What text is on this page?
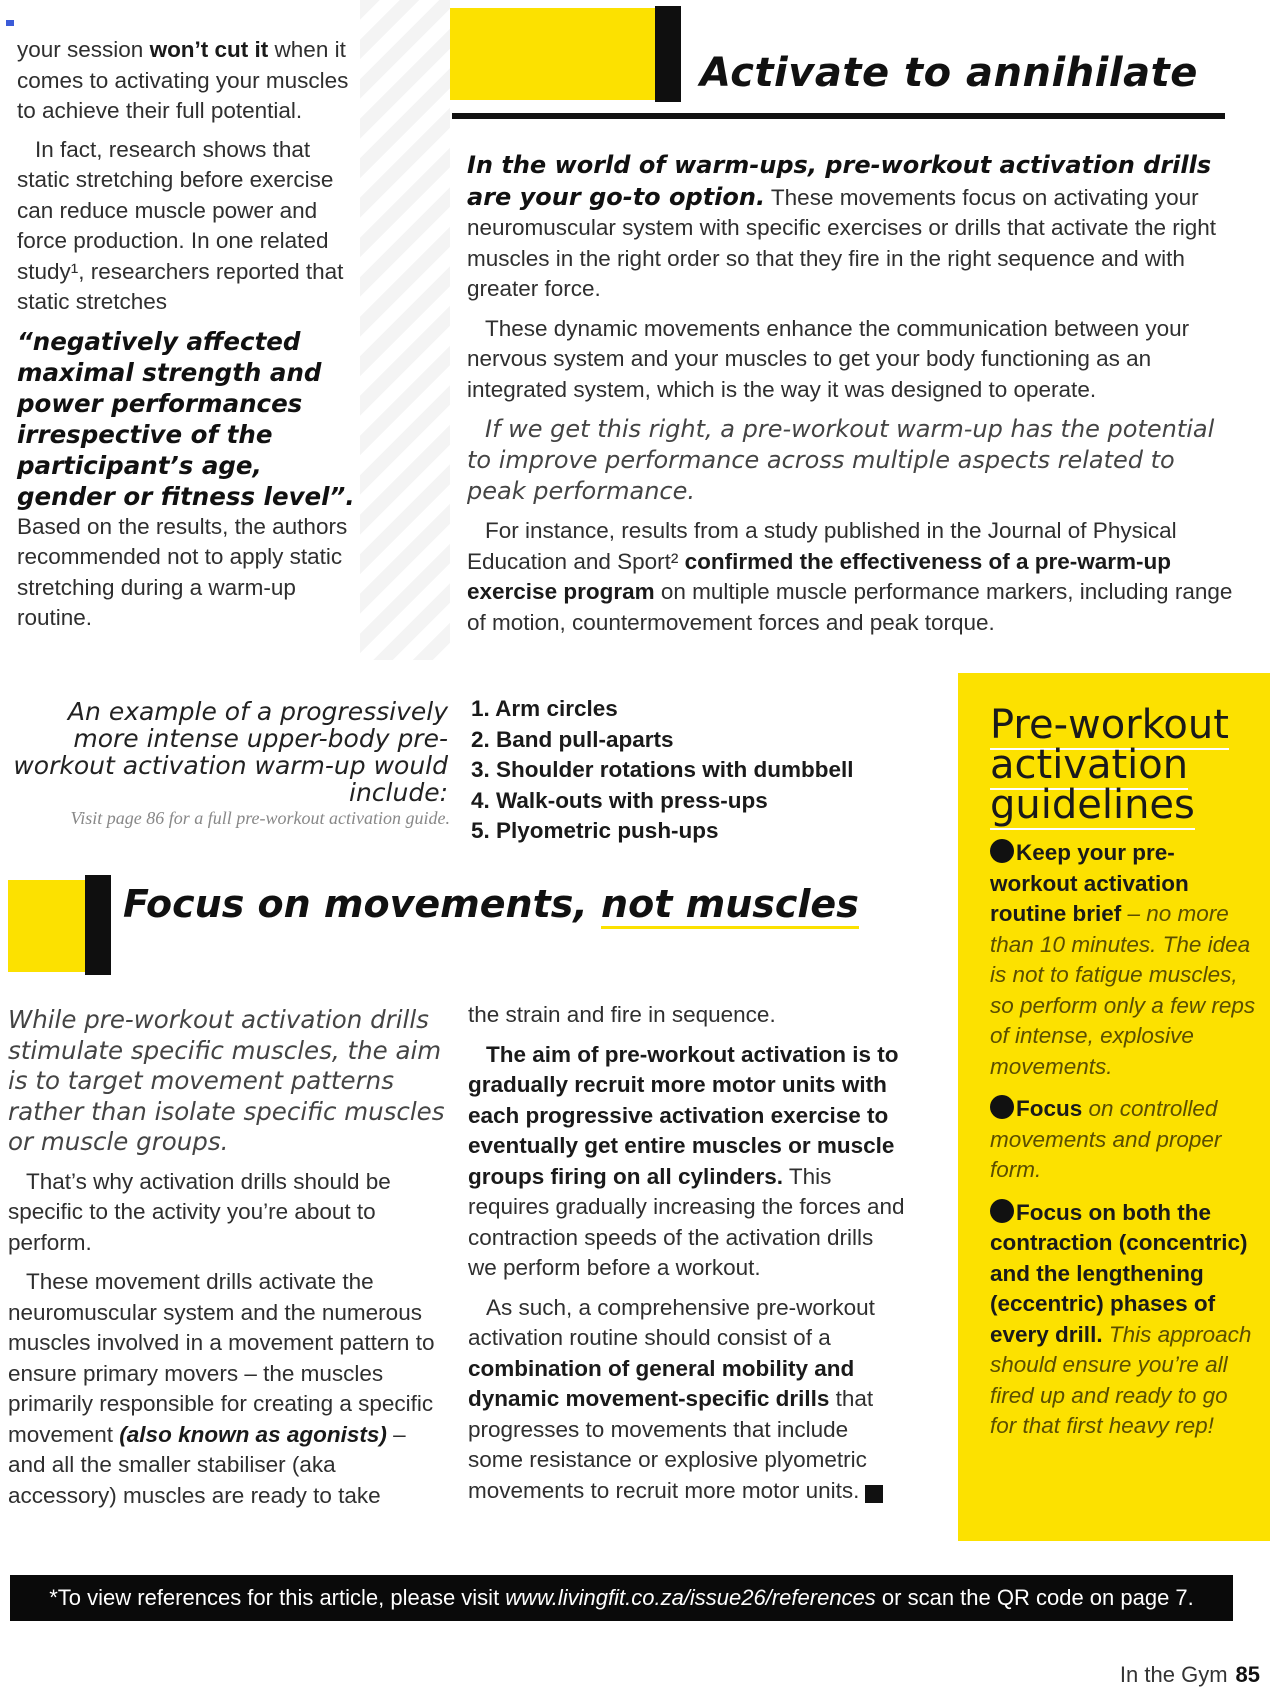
your session won’t cut it when it comes to activating your muscles to achieve their full potential.

In fact, research shows that static stretching before exercise can reduce muscle power and force production. In one related study¹, researchers reported that static stretches

“negatively affected maximal strength and power performances irrespective of the participant’s age, gender or fitness level”.

Based on the results, the authors recommended not to apply static stretching during a warm-up routine.

Activate to annihilate

In the world of warm-ups, pre-workout activation drills are your go-to option. These movements focus on activating your neuromuscular system with specific exercises or drills that activate the right muscles in the right order so that they fire in the right sequence and with greater force.

These dynamic movements enhance the communication between your nervous system and your muscles to get your body functioning as an integrated system, which is the way it was designed to operate.

If we get this right, a pre-workout warm-up has the potential to improve performance across multiple aspects related to peak performance.

For instance, results from a study published in the Journal of Physical Education and Sport² confirmed the effectiveness of a pre-warm-up exercise program on multiple muscle performance markers, including range of motion, countermovement forces and peak torque.

An example of a progressively more intense upper-body pre-workout activation warm-up would include:
Visit page 86 for a full pre-workout activation guide.
1. Arm circles
2. Band pull-aparts
3. Shoulder rotations with dumbbell
4. Walk-outs with press-ups
5. Plyometric push-ups
Pre-workout activation guidelines

Keep your pre-workout activation routine brief – no more than 10 minutes. The idea is not to fatigue muscles, so perform only a few reps of intense, explosive movements.

Focus on controlled movements and proper form.

Focus on both the contraction (concentric) and the lengthening (eccentric) phases of every drill. This approach should ensure you’re all fired up and ready to go for that first heavy rep!

Focus on movements, not muscles

While pre-workout activation drills stimulate specific muscles, the aim is to target movement patterns rather than isolate specific muscles or muscle groups.

That’s why activation drills should be specific to the activity you’re about to perform.

These movement drills activate the neuromuscular system and the numerous muscles involved in a movement pattern to ensure primary movers – the muscles primarily responsible for creating a specific movement (also known as agonists) – and all the smaller stabiliser (aka accessory) muscles are ready to take

the strain and fire in sequence.

The aim of pre-workout activation is to gradually recruit more motor units with each progressive activation exercise to eventually get entire muscles or muscle groups firing on all cylinders. This requires gradually increasing the forces and contraction speeds of the activation drills we perform before a workout.

As such, a comprehensive pre-workout activation routine should consist of a combination of general mobility and dynamic movement-specific drills that progresses to movements that include some resistance or explosive plyometric movements to recruit more motor units. LF

*To view references for this article, please visit www.livingfit.co.za/issue26/references or scan the QR code on page 7.
In the Gym 85
